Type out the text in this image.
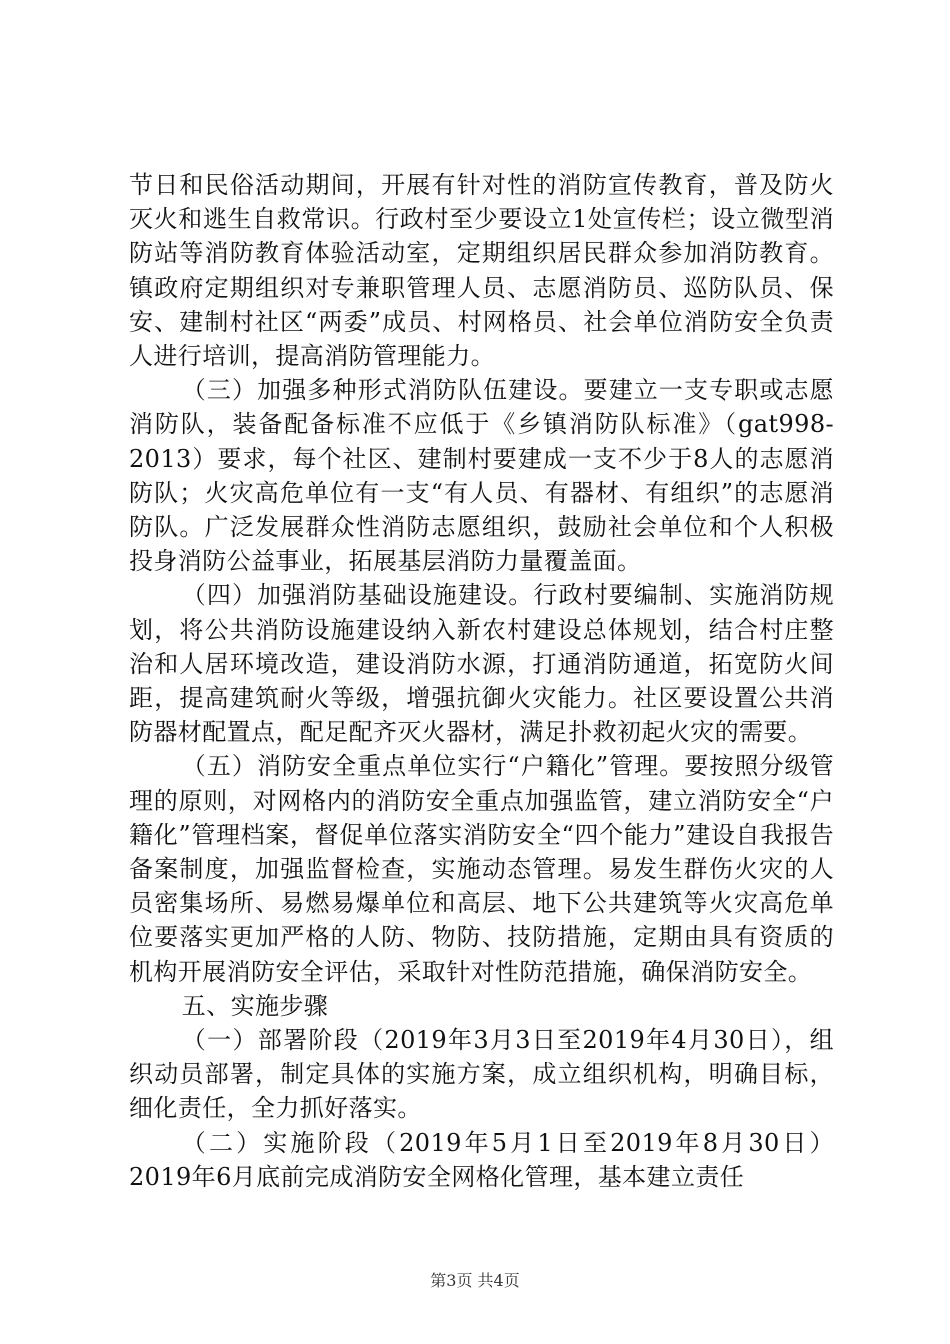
节日和民俗活动期间，开展有针对性的消防宣传教育，普及防火灭火和逃生自救常识。行政村至少要设立1处宣传栏；设立微型消防站等消防教育体验活动室，定期组织居民群众参加消防教育。镇政府定期组织对专兼职管理人员、志愿消防员、巡防队员、保安、建制村社区“两委”成员、村网格员、社会单位消防安全负责人进行培训，提高消防管理能力。

（三）加强多种形式消防队伍建设。要建立一支专职或志愿消防队，装备配备标准不应低于《乡镇消防队标准》（gat998-2013）要求，每个社区、建制村要建成一支不少于8人的志愿消防队；火灾高危单位有一支“有人员、有器材、有组织”的志愿消防队。广泛发展群众性消防志愿组织，鼓励社会单位和个人积极投身消防公益事业，拓展基层消防力量覆盖面。

（四）加强消防基础设施建设。行政村要编制、实施消防规划，将公共消防设施建设纳入新农村建设总体规划，结合村庄整治和人居环境改造，建设消防水源，打通消防通道，拓宽防火间距，提高建筑耐火等级，增强抗御火灾能力。社区要设置公共消防器材配置点，配足配齐灭火器材，满足扑救初起火灾的需要。

（五）消防安全重点单位实行“户籍化”管理。要按照分级管理的原则，对网格内的消防安全重点加强监管，建立消防安全“户籍化”管理档案，督促单位落实消防安全“四个能力”建设自我报告备案制度，加强监督检查，实施动态管理。易发生群伤火灾的人员密集场所、易燃易爆单位和高层、地下公共建筑等火灾高危单位要落实更加严格的人防、物防、技防措施，定期由具有资质的机构开展消防安全评估，采取针对性防范措施，确保消防安全。

五、实施步骤

（一）部署阶段（2019年3月3日至2019年4月30日），组织动员部署，制定具体的实施方案，成立组织机构，明确目标，细化责任，全力抓好落实。

（二）实施阶段（2019年5月1日至2019年8月30日）2019年6月底前完成消防安全网格化管理，基本建立责任

第3页 共4页
